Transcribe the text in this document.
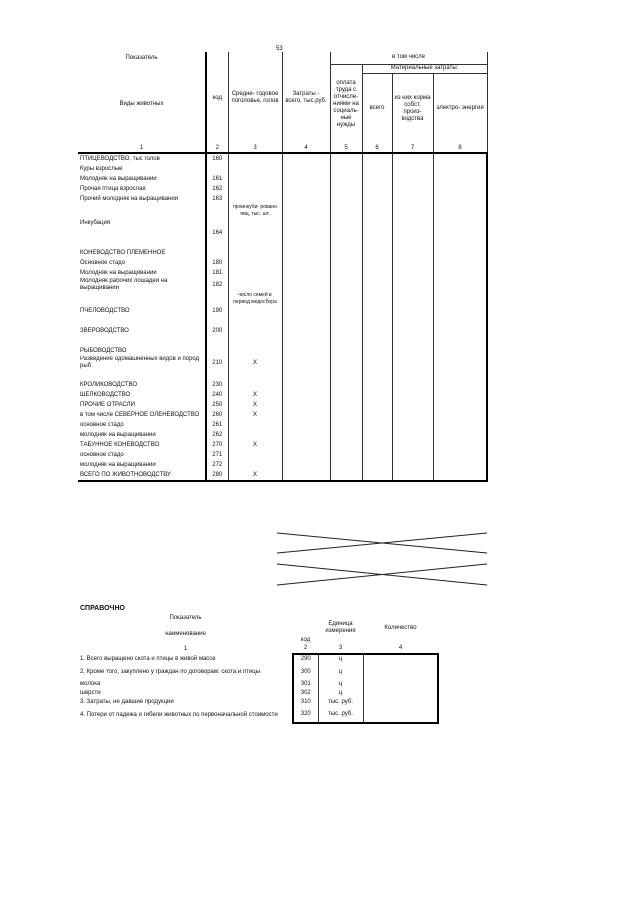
53
Показатель	код	Средне- годовое поголовье, голов	Затраты - всего, тыс.руб.	в том числе			
Виды животных				оплата труда с отчисле- ниями на социаль- ные нужды	Материальные затраты:		
					всего	из них корма собст. произ- водства	электро- энергия
1	2	3	4	5	6	7	8
ПТИЦЕВОДСТВО, тыс голов	160						
Куры взрослые							
Молодняк на выращивании	161						
Прочая птица взрослая	162						
Прочий молодняк на выращивании	163						
		проинкуби- ровано яиц, тыс. шт.					
Инкубация							
	164						

КОНЕВОДСТВО ПЛЕМЕННОЕ							
Основное стадо	180						
Молодняк на выращивании	181						
Молодняк рабочих лошадей на выращивании	182						
		число семей в период медосбора					
ПЧЕЛОВОДСТВО	190						

ЗВЕРОВОДСТВО	200						

РЫБОВОДСТВО							
Разведение одомашненных видов и пород рыб	210	X					

КРОЛИКОВОДСТВО	230						
ШЕЛКОВОДСТВО	240	X					
ПРОЧИЕ ОТРАСЛИ	250	X					
в том числе СЕВЕРНОЕ ОЛЕНЕВОДСТВО	260	X					
основное стадо	261						
молодняк на выращивании	262						
ТАБУННОЕ КОНЕВОДСТВО	270	X					
основное стадо	271						
молодняк на выращивании	272						
ВСЕГО ПО ЖИВОТНОВОДСТВУ	280	X					
СПРАВОЧНО
Показатель	код	Единица измерения	Количество
наименование			
1	2	3	4
1. Всего выращено скота и птицы в живой массе	290	ц	
2. Кроме того, закуплено у граждан по договорам: скота и птицы	300	ц	
молока	301	ц	
шерсти	302	ц	
3. Затраты, не давшие продукции	310	тыс. руб.	
4. Потери от падежа и гибели животных по первоначальной стоимости	320	тыс. руб.	
